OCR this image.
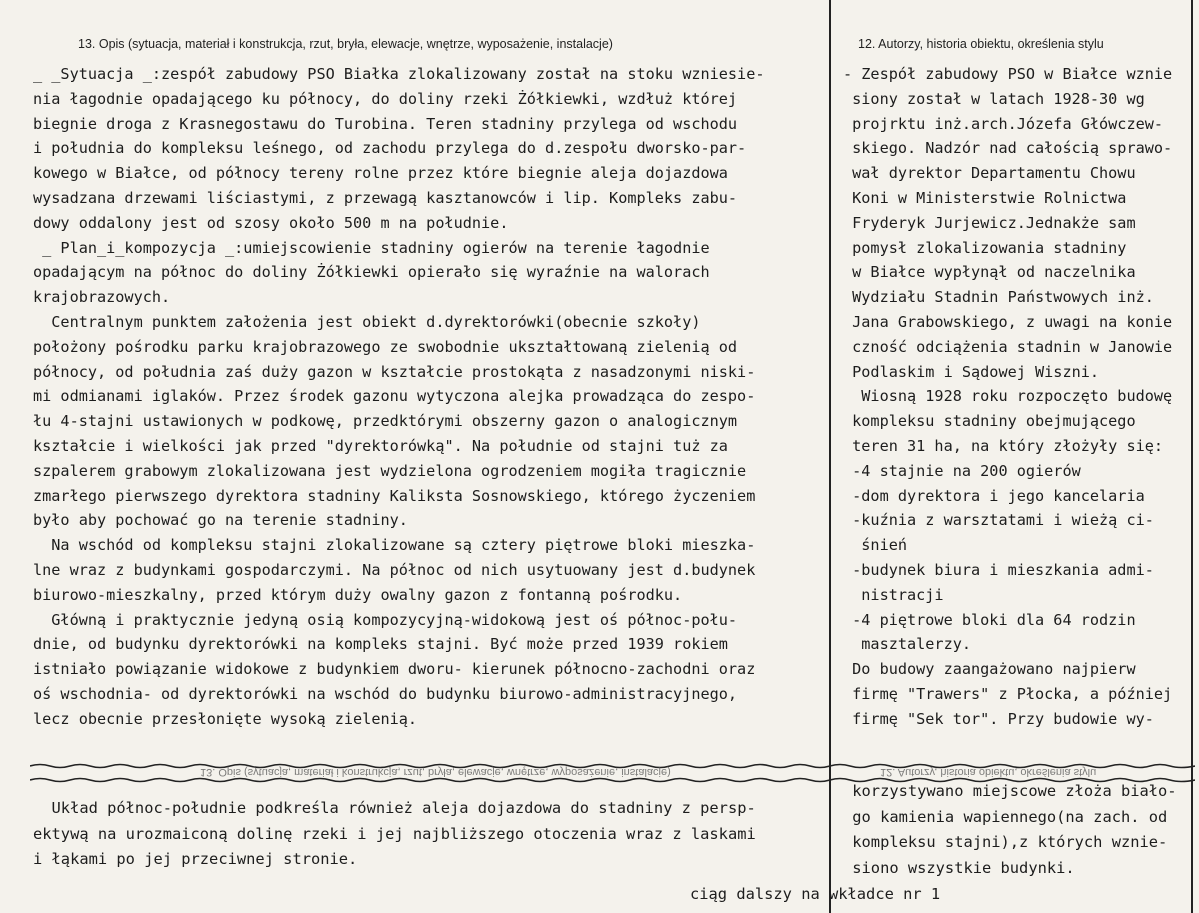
13. Opis (sytuacja, materiał i konstrukcja, rzut, bryła, elewacje, wnętrze, wyposażenie, instalacje)	12. Autorzy, historia obiektu, określenia stylu
_ _Sytuacja _:zespół zabudowy PSO Białka zlokalizowany został na stoku wzniesie-
nia łagodnie opadającego ku północy, do doliny rzeki Żółkiewki, wzdłuż której
biegnie droga z Krasnegostawu do Turobina. Teren stadniny przylega od wschodu
i południa do kompleksu leśnego, od zachodu przylega do d.zespołu dworsko-par-
kowego w Białce, od północy tereny rolne przez które biegnie aleja dojazdowa
wysadzana drzewami liściastymi, z przewagą kasztanowców i lip. Kompleks zabu-
dowy oddalony jest od szosy około 500 m na południe.
_ Plan_i_kompozycja _:umiejscowienie stadniny ogierów na terenie łagodnie
opadającym na północ do doliny Żółkiewki opierało się wyraźnie na walorach
krajobrazowych.
Centralnym punktem założenia jest obiekt d.dyrektorówki(obecnie szkoły)
położony pośrodku parku krajobrazowego ze swobodnie ukształtowaną zielenią od
północy, od południa zaś duży gazon w kształcie prostokąta z nasadzonymi niski-
mi odmianami iglaków. Przez środek gazonu wytyczona alejka prowadząca do zespo-
łu 4-stajni ustawionych w podkowę, przedktórymi obszerny gazon o analogicznym
kształcie i wielkości jak przed "dyrektorówką". Na południe od stajni tuż za
szpalerem grabowym zlokalizowana jest wydzielona ogrodzeniem mogiła tragicznie
zmarłego pierwszego dyrektora stadniny Kaliksta Sosnowskiego, którego życzeniem
było aby pochować go na terenie stadniny.
Na wschód od kompleksu stajni zlokalizowane są cztery piętrowe bloki mieszka-
lne wraz z budynkami gospodarczymi. Na północ od nich usytuowany jest d.budynek
biurowo-mieszkalny, przed którym duży owalny gazon z fontanną pośrodku.
Główną i praktycznie jedyną osią kompozycyjną-widokową jest oś północ-połu-
dnie, od budynku dyrektorówki na kompleks stajni. Być może przed 1939 rokiem
istniało powiązanie widokowe z budynkiem dworu- kierunek północno-zachodni oraz
oś wschodnia- od dyrektorówki na wschód do budynku biurowo-administracyjnego,
lecz obecnie przesłonięte wysoką zielenią.
- Zespół zabudowy PSO w Białce wznie
siony został w latach 1928-30 wg
projrktu inż.arch.Józefa Główczew-
skiego. Nadzór nad całością sprawo-
wał dyrektor Departamentu Chowu
Koni w Ministerstwie Rolnictwa
Fryderyk Jurjewicz.Jednakże sam
pomysł zlokalizowania stadniny
w Białce wypłynął od naczelnika
Wydziału Stadnin Państwowych inż.
Jana Grabowskiego, z uwagi na konie
czność odciążenia stadnin w Janowie
Podlaskim i Sądowej Wiszni.
Wiosną 1928 roku rozpoczęto budowę
kompleksu stadniny obejmującego
teren 31 ha, na który złożyły się:
-4 stajnie na 200 ogierów
-dom dyrektora i jego kancelaria
-kuźnia z warsztatami i wieżą ci-
śnień
-budynek biura i mieszkania admi-
nistracji
-4 piętrowe bloki dla 64 rodzin
masztalerzy.
Do budowy zaangażowano najpierw
firmę "Trawers" z Płocka, a później
firmę "Sek tor". Przy budowie wy-
13. Opis (sytuacja, materiał i konstrukcja, rzut, bryła, elewacje, wnętrze, wyposażenie, instalacje)	12. Autorzy, historia obiektu, określenia stylu
Układ północ-południe podkreśla również aleja dojazdowa do stadniny z persp-
ektywą na urozmaiconą dolinę rzeki i jej najbliższego otoczenia wraz z laskami
i łąkami po jej przeciwnej stronie.
korzystywano miejscowe złoża biało-
go kamienia wapiennego(na zach. od
kompleksu stajni),z których wznie-
siono wszystkie budynki.
ciąg dalszy na wkładce nr 1
